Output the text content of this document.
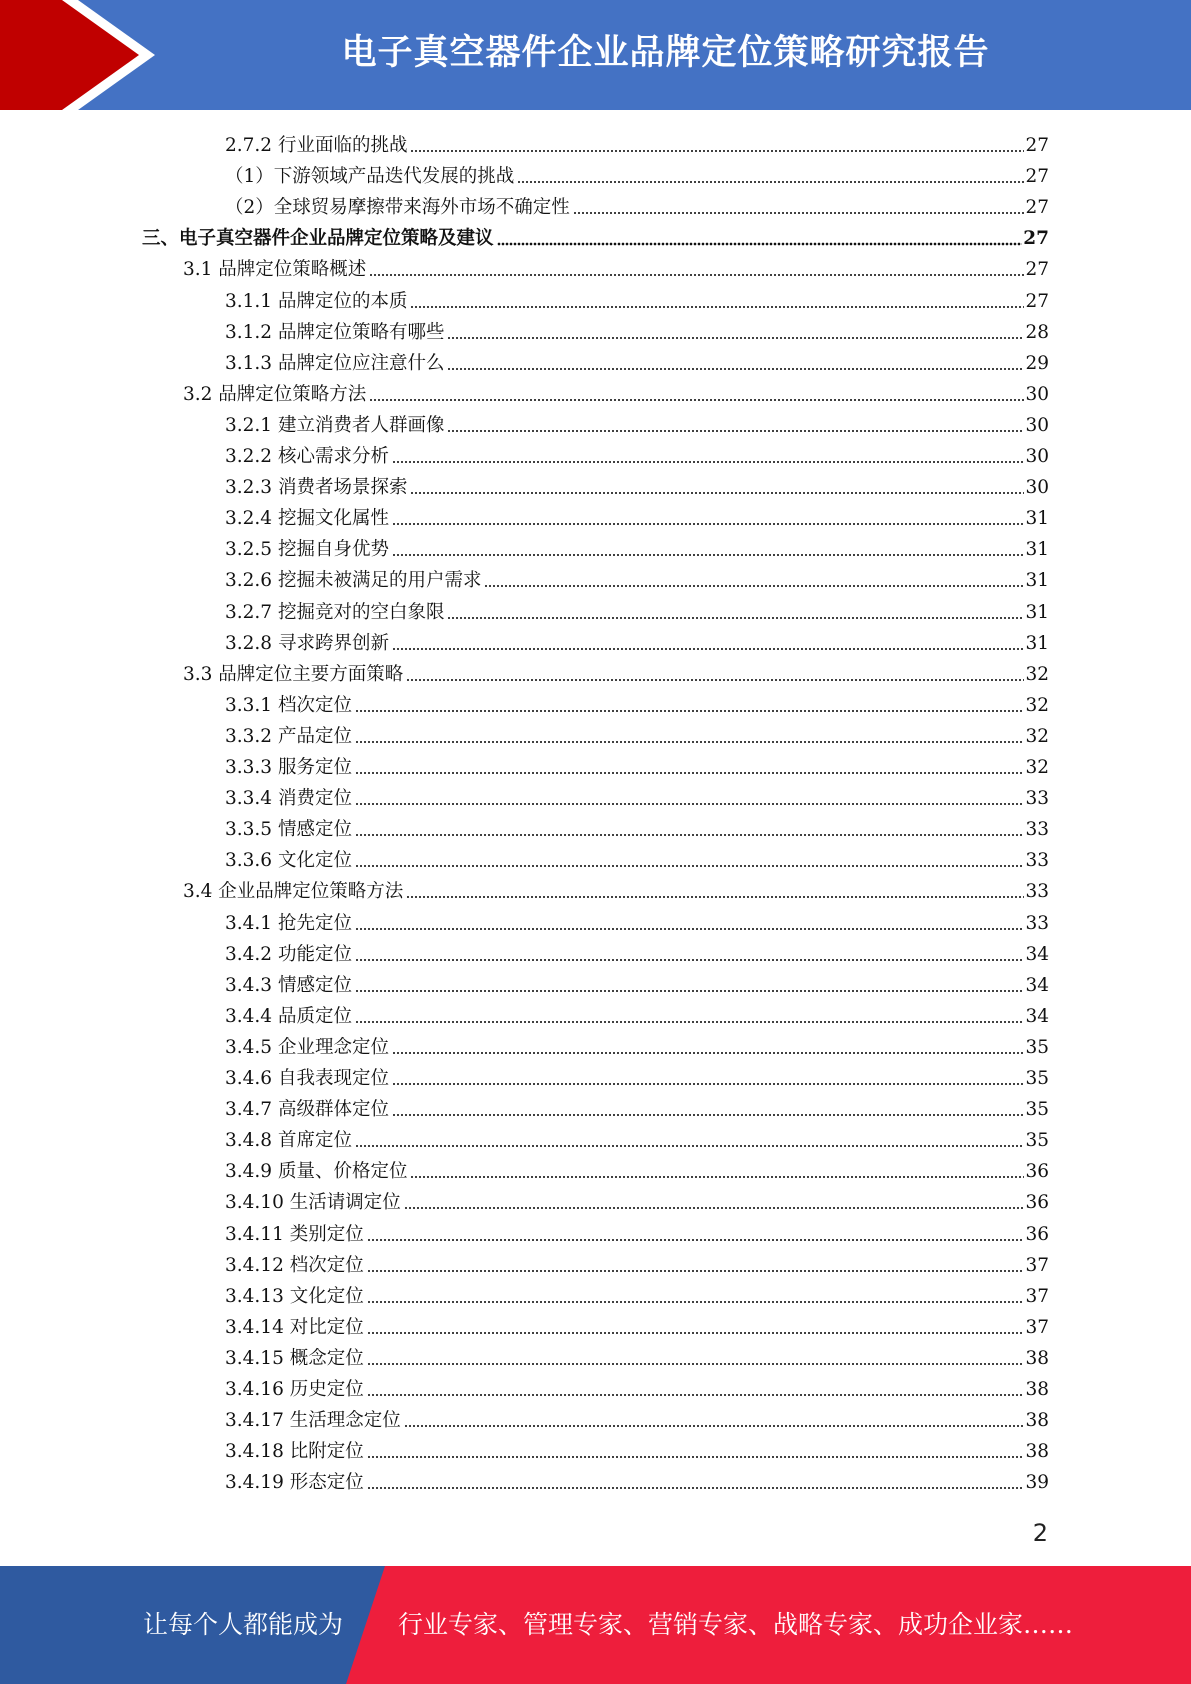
电子真空器件企业品牌定位策略研究报告
2.7.2 行业面临的挑战	27
（1）下游领域产品迭代发展的挑战	27
（2）全球贸易摩擦带来海外市场不确定性	27
三、电子真空器件企业品牌定位策略及建议	27
3.1 品牌定位策略概述	27
3.1.1 品牌定位的本质	27
3.1.2 品牌定位策略有哪些	28
3.1.3 品牌定位应注意什么	29
3.2 品牌定位策略方法	30
3.2.1 建立消费者人群画像	30
3.2.2 核心需求分析	30
3.2.3 消费者场景探索	30
3.2.4 挖掘文化属性	31
3.2.5 挖掘自身优势	31
3.2.6 挖掘未被满足的用户需求	31
3.2.7 挖掘竞对的空白象限	31
3.2.8 寻求跨界创新	31
3.3 品牌定位主要方面策略	32
3.3.1 档次定位	32
3.3.2 产品定位	32
3.3.3 服务定位	32
3.3.4 消费定位	33
3.3.5 情感定位	33
3.3.6 文化定位	33
3.4 企业品牌定位策略方法	33
3.4.1 抢先定位	33
3.4.2 功能定位	34
3.4.3 情感定位	34
3.4.4 品质定位	34
3.4.5 企业理念定位	35
3.4.6 自我表现定位	35
3.4.7 高级群体定位	35
3.4.8 首席定位	35
3.4.9 质量、价格定位	36
3.4.10 生活请调定位	36
3.4.11 类别定位	36
3.4.12 档次定位	37
3.4.13 文化定位	37
3.4.14 对比定位	37
3.4.15 概念定位	38
3.4.16 历史定位	38
3.4.17 生活理念定位	38
3.4.18 比附定位	38
3.4.19 形态定位	39
2
让每个人都能成为 行业专家、管理专家、营销专家、战略专家、成功企业家……
